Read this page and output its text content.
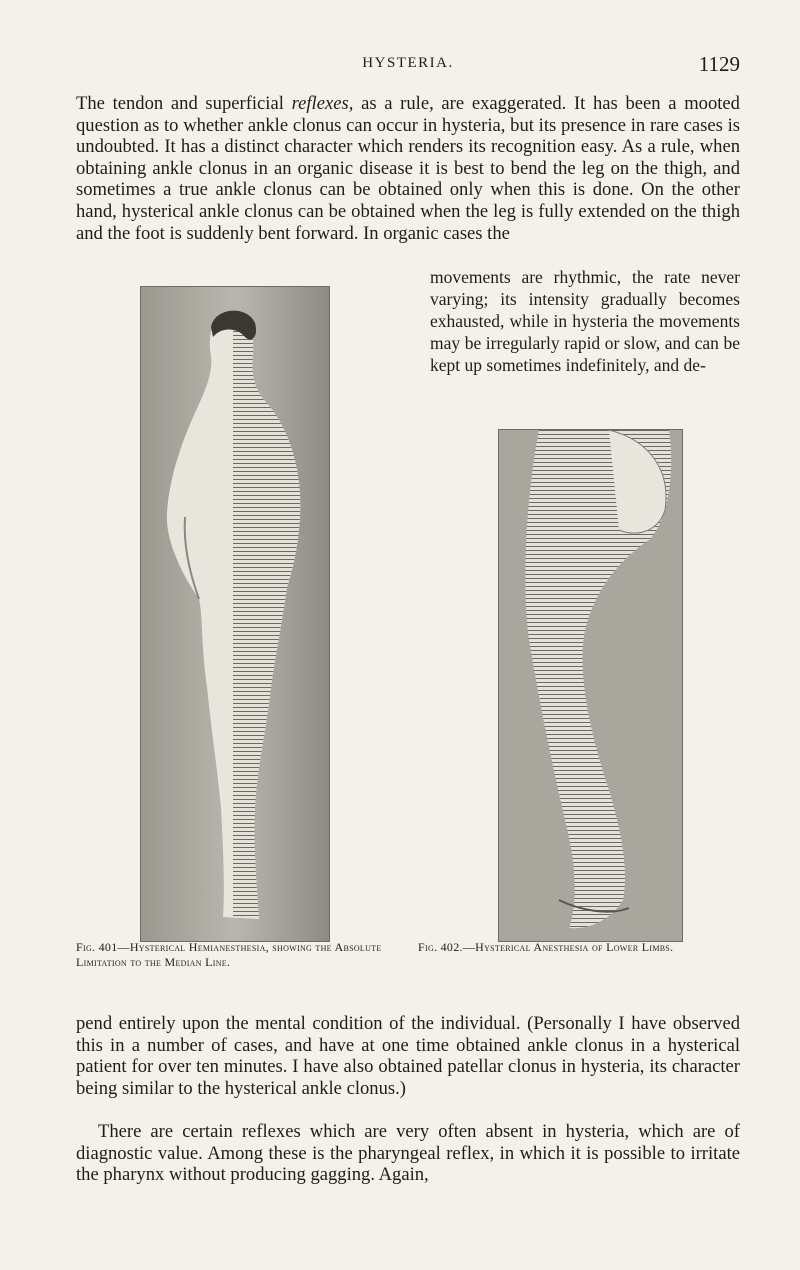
HYSTERIA.	1129

The tendon and superficial reflexes, as a rule, are exaggerated. It has been a mooted question as to whether ankle clonus can occur in hysteria, but its presence in rare cases is undoubted. It has a distinct character which renders its recognition easy. As a rule, when obtaining ankle clonus in an organic disease it is best to bend the leg on the thigh, and sometimes a true ankle clonus can be obtained only when this is done. On the other hand, hysterical ankle clonus can be obtained when the leg is fully extended on the thigh and the foot is suddenly bent forward. In organic cases the

movements are rhythmic, the rate never varying; its intensity gradually becomes exhausted, while in hysteria the movements may be irregularly rapid or slow, and can be kept up sometimes indefinitely, and de-

Fig. 401—Hysterical Hemianesthesia, showing the Absolute Limitation to the Median Line.

Fig. 402.—Hysterical Anesthesia of Lower Limbs.

pend entirely upon the mental condition of the individual. (Personally I have observed this in a number of cases, and have at one time obtained ankle clonus in a hysterical patient for over ten minutes. I have also obtained patellar clonus in hysteria, its character being similar to the hysterical ankle clonus.)

There are certain reflexes which are very often absent in hysteria, which are of diagnostic value. Among these is the pharyngeal reflex, in which it is possible to irritate the pharynx without producing gagging. Again,
